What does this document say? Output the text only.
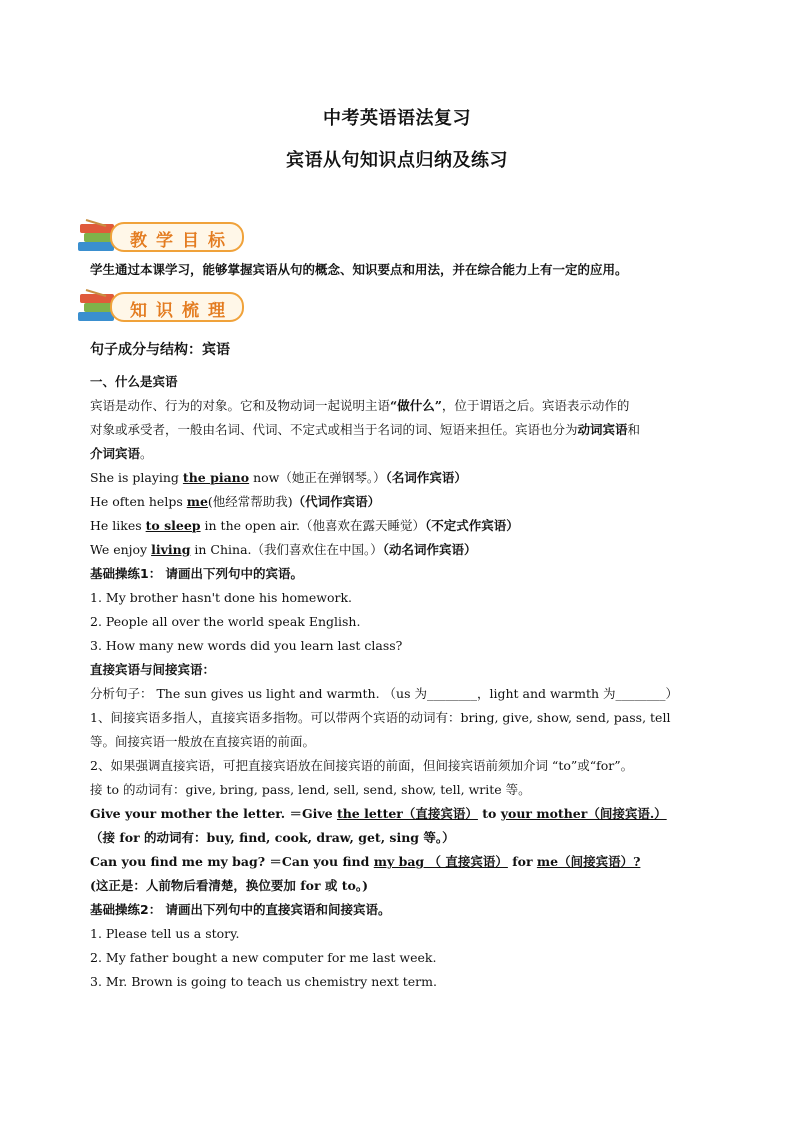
中考英语语法复习
宾语从句知识点归纳及练习
教学目标
学生通过本课学习，能够掌握宾语从句的概念、知识要点和用法，并在综合能力上有一定的应用。
知识梳理
句子成分与结构：宾语
一、什么是宾语
宾语是动作、行为的对象。它和及物动词一起说明主语“做什么”，位于谓语之后。宾语表示动作的
对象或承受者，一般由名词、代词、不定式或相当于名词的词、短语来担任。宾语也分为动词宾语和
介词宾语。
She is playing the piano now（她正在弹钢琴。）（名词作宾语）
He often helps me(他经常帮助我)（代词作宾语）
He likes to sleep in the open air.（他喜欢在露天睡觉）（不定式作宾语）
We enjoy living in China.（我们喜欢住在中国。）（动名词作宾语）
基础操练1： 请画出下列句中的宾语。
1. My brother hasn't done his homework.
2. People all over the world speak English.
3. How many new words did you learn last class?
直接宾语与间接宾语：
分析句子： The sun gives us light and warmth. （us 为________，light and warmth 为________）
1、间接宾语多指人，直接宾语多指物。可以带两个宾语的动词有：bring, give, show, send, pass, tell
等。间接宾语一般放在直接宾语的前面。
2、如果强调直接宾语，可把直接宾语放在间接宾语的前面，但间接宾语前须加介词 “to”或“for”。
接 to 的动词有：give, bring, pass, lend, sell, send, show, tell, write 等。
Give your mother the letter. ＝Give the letter（直接宾语） to your mother（间接宾语.）
（接 for 的动词有：buy, find, cook, draw, get, sing 等。）
Can you find me my bag? ＝Can you find my bag （ 直接宾语） for me（间接宾语）?
(这正是：人前物后看清楚，换位要加 for 或 to。)
基础操练2： 请画出下列句中的直接宾语和间接宾语。
1. Please tell us a story.
2. My father bought a new computer for me last week.
3. Mr. Brown is going to teach us chemistry next term.
